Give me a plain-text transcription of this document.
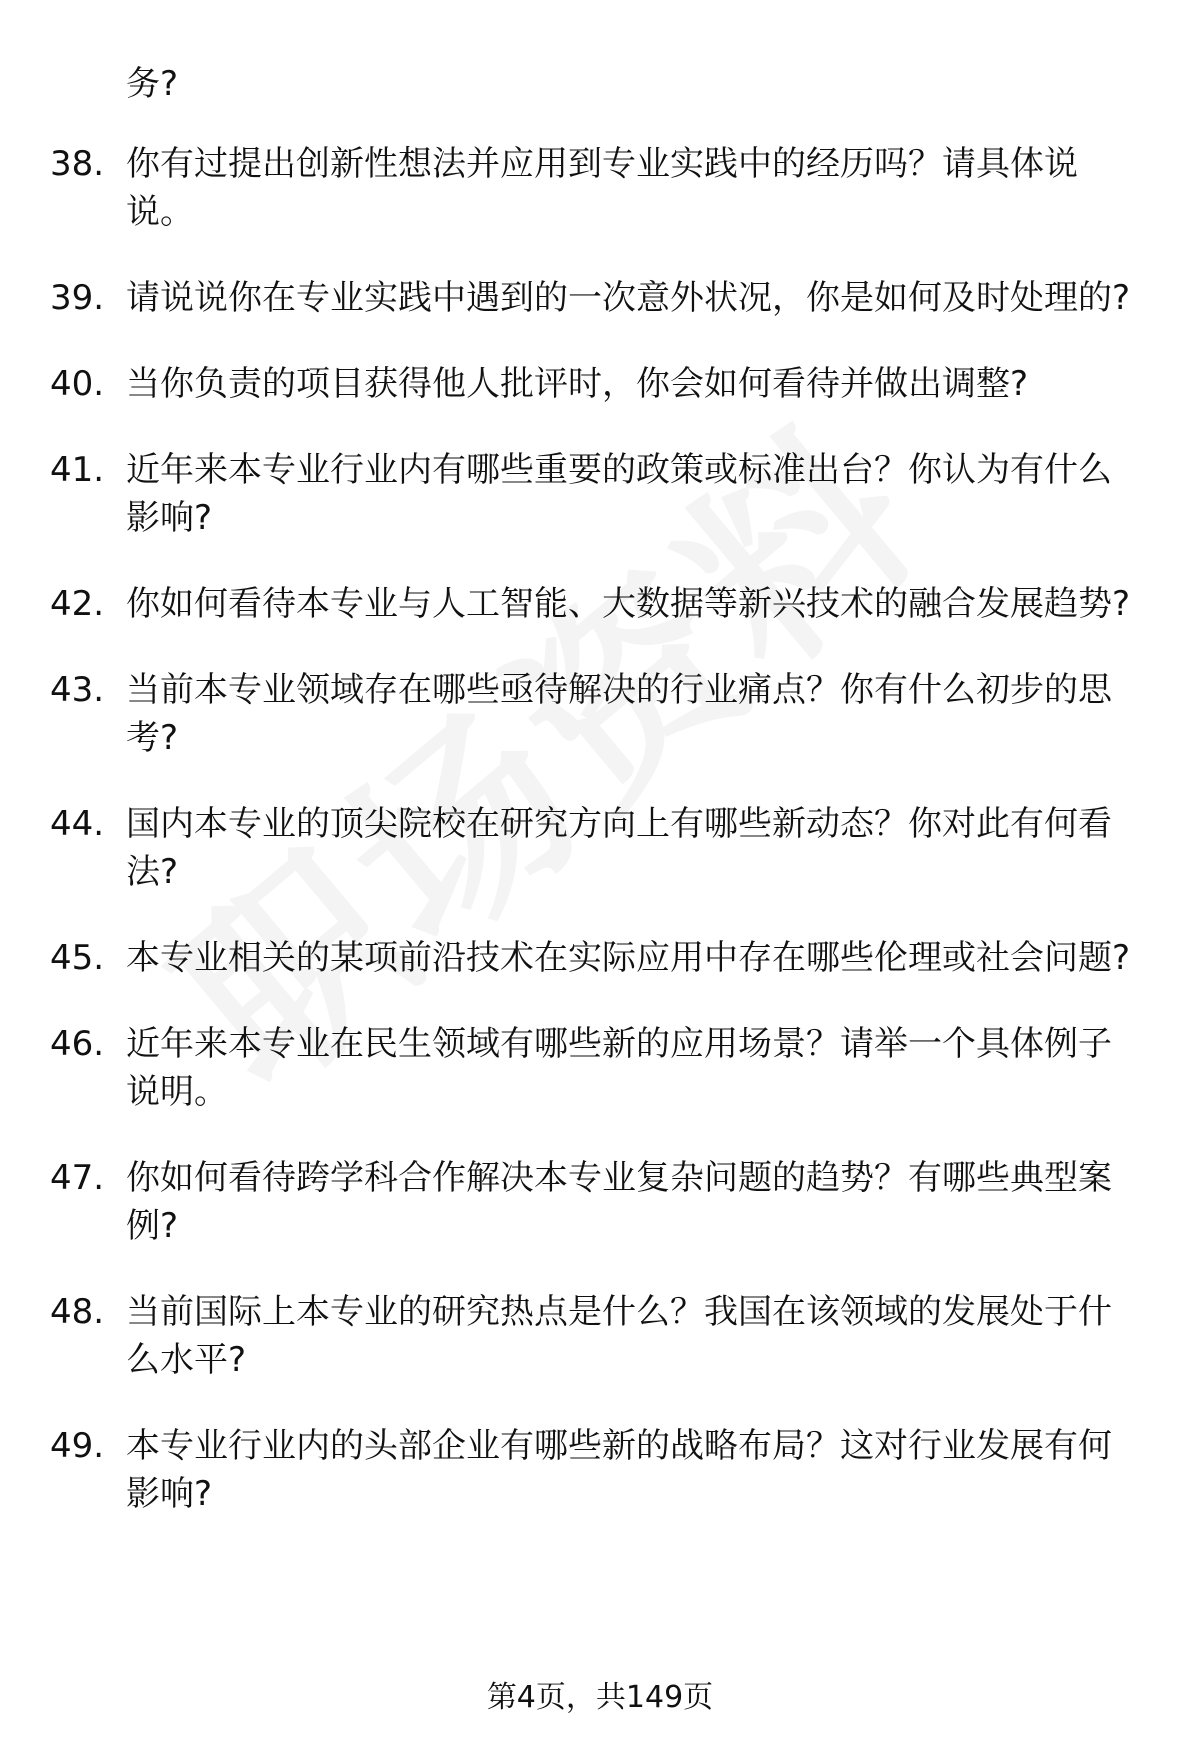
务?
38. 你有过提出创新性想法并应用到专业实践中的经历吗？请具体说说。
39. 请说说你在专业实践中遇到的一次意外状况，你是如何及时处理的?
40. 当你负责的项目获得他人批评时，你会如何看待并做出调整?
41. 近年来本专业行业内有哪些重要的政策或标准出台？你认为有什么影响?
42. 你如何看待本专业与人工智能、大数据等新兴技术的融合发展趋势?
43. 当前本专业领域存在哪些亟待解决的行业痛点？你有什么初步的思考?
44. 国内本专业的顶尖院校在研究方向上有哪些新动态？你对此有何看法?
45. 本专业相关的某项前沿技术在实际应用中存在哪些伦理或社会问题?
46. 近年来本专业在民生领域有哪些新的应用场景？请举一个具体例子说明。
47. 你如何看待跨学科合作解决本专业复杂问题的趋势？有哪些典型案例?
48. 当前国际上本专业的研究热点是什么？我国在该领域的发展处于什么水平?
49. 本专业行业内的头部企业有哪些新的战略布局？这对行业发展有何影响?
第4页，共149页
